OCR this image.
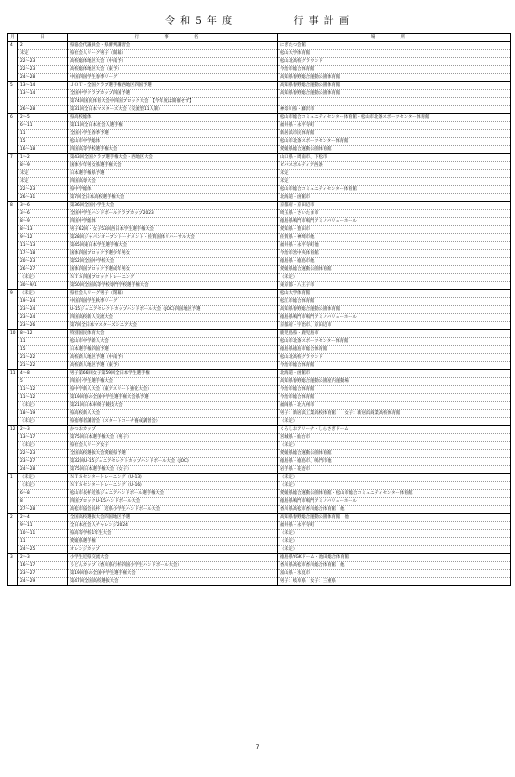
令 和 5 年 度	行 事 計 画
月	日	行 事 名	場 所
4	2	県協会代議員会・県審判講習会	にぎたつ会館
	未定	県社会人リーグ男子（開幕）	松山大学体育館
	22～23	高校総体地区大会（中南予）	松山北高校グラウンド
	22～23	高校総体地区大会（東予）	今治市総合体育館
	24～28	中国四国学生春季リーグ	高知県春野総合運動公園体育館
5	13～14	ＪＯＴ・全国クラブ選手権西地区四国予選	高知県春野総合運動公園体育館
	13～14	全国中学クラブカップ四国予選	高知県春野総合運動公園体育館
		第74回国民体育大会中四国ブロック大会　【今年度は開催せず】	
	26～28	第31回全日本マスターズ大会（交流型11人制）	神奈川県・藤沢市
6	2～5	県高校総体	松山市総合コミュニティセンター体育館・松山市北条スポーツセンター体育館
	6～11	第11回全日本社会人選手権	福井県・永平寺町
	11	全国小学生春季予選	新居浜市民体育館
	15	松山市中学総体	松山市北条スポーツセンター体育館
	16～18	四国高等学校選手権大会	愛媛県総合運動公園体育館
7	1～2	第43回全国クラブ選手権大会・西地区大会	山口県・周南市、下松市
	8～9	国体少年男女県選手権大会	ビバスポルティア西条
	未定	日本選手権県予選	未定
	未定	四国高専大会	未定
	22～23	県中学総体	松山市総合コミュニティセンター体育館
	26～31	第7回全日本高校選手権大会	北海道・函館市
8	3～6	第36回全国小学生大会	京都府・京田辺市
	3～6	全国中学生ハンドボールクラブカップ2023	埼玉県・さいたま市
	8～9	四国中学総体	徳島県鳴門市鳴門アミノバリューホール
	8～13	男子62回・女子53回西日本学生選手権大会	愛知県・豊田市
	9～12	第28回ジャパンオーブントーナメント・佐賀国体リハーサル大会	佐賀県・神埼市他
	11～13	第45回東日本学生選手権大会	福井県・永平寺町他
	17～18	国体四国ブロック予選少年男女	今治市営中央体育館
	20～23	第52回全国中学校大会	徳島県・徳島市他
	26～27	国体四国ブロック予選成年男女	愛媛県総合運動公園体育館
	（未定）	ＮＴＳ四国ブロックトレーニング	（未定）
	30～9/1	第50回全国高等学校専門学校選手権大会	東京都・八王子市
9	（未定）	県社会人リーグ男子（閉幕）	松山大学体育館
	19～24	中国四国学生秋季リーグ	松江市総合体育館
	23～24	U-15ジュニアセレクトカップハンドボール大会（JOC)四国地区予選	高知県春野総合運動公園体育館
	23～24	四国高校新人交流大会	徳島県鳴門市鳴門アミノバリューホール
	23～26	第7回全日本マスターズシニア大会	京都府・宇治市、京田辺市
10	8～12	特別国民体育大会	鹿児島県・鹿児島市
	11	松山市中学新人大会	松山市北条スポーツセンター体育館
	15	日本選手権四国予選	徳島県徳島市総合体育館
	21～22	高校新人地区予選（中南予）	松山北高校グラウンド
	21～22	高校新人地区予選（東予）	今治市総合体育館
11	4～8	男子第66回女子第59回全日本学生選手権	北海道・函館市
	5	四国小学生選手権大会	高知県春野総合運動公園屋内運動場
	11～12	県中学新人大会（東アスリート強化大会）	今治市総合体育館
	11～12	第19回春の全国中学生選手権大会県予選	今治市総合体育館
	（未定）	第21回日本車椅子競技大会	福岡県・北九州市
	18～19	県高校新人大会	男子：新居浜工業高校体育館　　女子：新居浜商業高校体育館
	（未定）	県指導者講習会（スタートコーチ養成講習会）	（未定）
12	2～3	かつおカップ	くろしおアリーナ・しらさぎドーム
	13～17	第75回日本選手権大会（男子）	宮城県・仙台市
	（未定）	県社会人リーグ女子	（未定）
	22～23	全国高校選抜大会愛媛県予選	愛媛県総合運動公園体育館
	23～27	第32回U-15ジュニアセレクトカップハンドボール大会（JOC)	徳島県・徳島市、鳴門市他
	24～28	第75回日本選手権大会（女子）	岩手県・花巻市
1	（未定）	ＮＴＳセンタートレーニング（U-13)	（未定）
	（未定）	ＮＴＳセンタートレーニング（U-16)	（未定）
	6～8	松山市長杯近県ジュニアハンドボール選手権大会	愛媛県総合運動公園体育館・松山市総合コミュニティセンター体育館
	8	四国ブロックU-15ハンドボール大会	徳島県鳴門市鳴門アミノバリューホール
	27～28	高松市協会長杯　近県小学生ハンドボール大会	香川県高松市香川総合体育館　他
2	2～4	全国高校選抜大会四国地区予選	高知県春野総合運動公園体育館　他
	9～11	全日本社会人チャレンジ2024	福井県・永平寺町
	10～11	県高等学校1年生大会	（未定）
	11	愛媛県選手権	（未定）
	24～25	オレンジカップ	（未定）
3	2～3	小学生近県交流大会	徳島県YGKドーム・池田総合体育館
	16～17	うどんカップ（香川県行杯四国小学生ハンドボール大会）	香川県高松市香川総合体育館　他
	23～27	第19回春の全国中学生選手権大会	富山県・氷見市
	24～29	第47回全国高校選抜大会	男子：岐阜県　女子：三重県
7
